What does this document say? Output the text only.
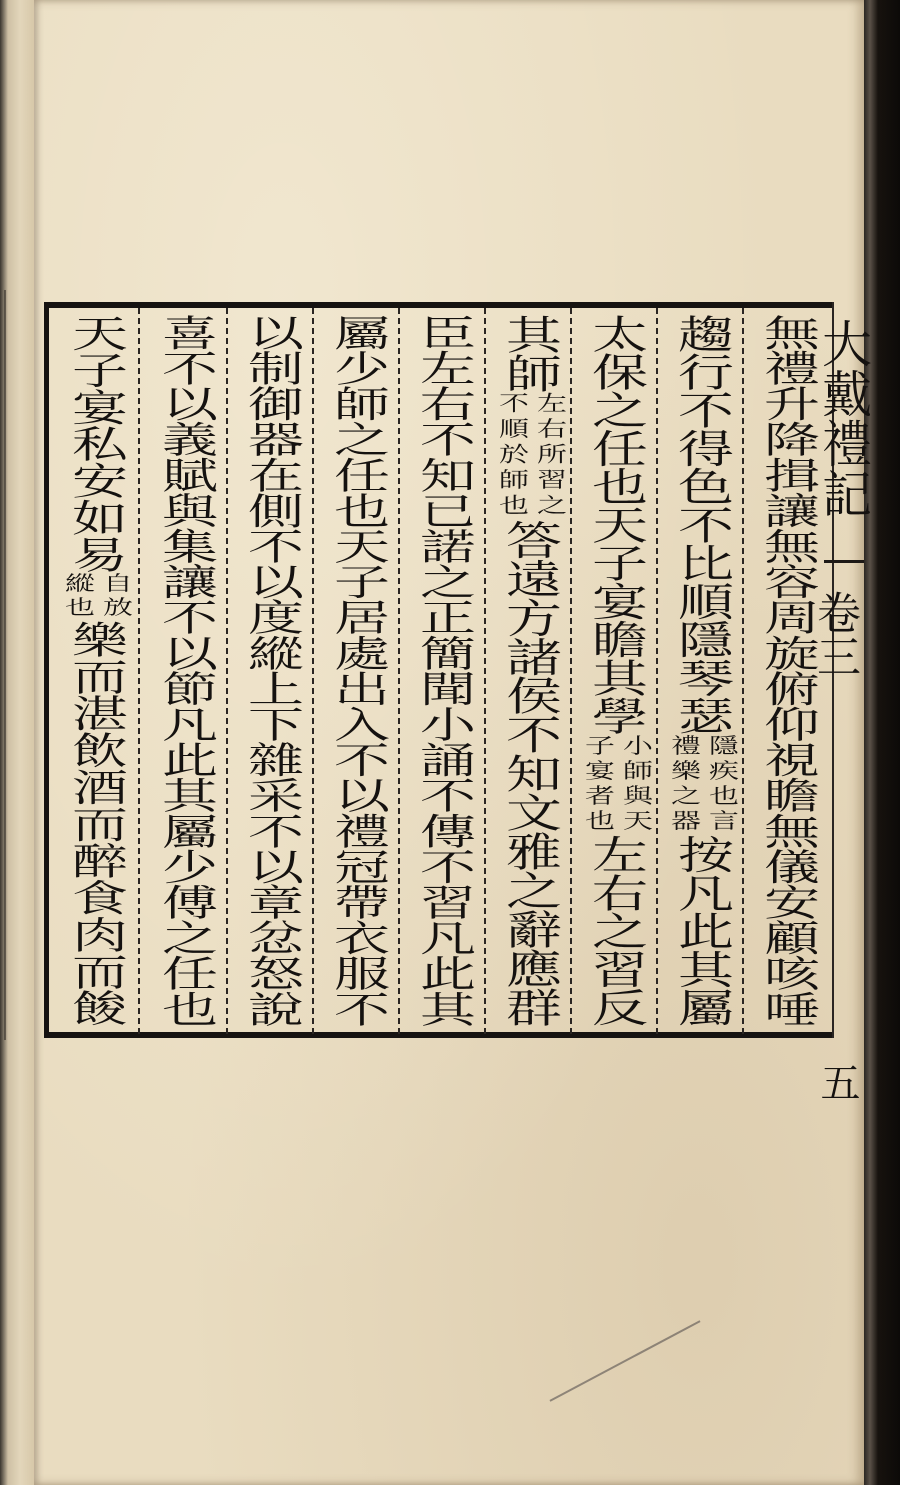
大戴禮記
卷三
五
無禮升降揖讓無容周旋俯仰視瞻無儀安顧咳唾
趨行不得色不比順隱琴瑟
隱疾也言
禮樂之器
按凡此其屬
太保之任也天子宴瞻其學
小師與天
子宴者也
左右之習反
其師
左右所習之
不順於師也
答遠方諸侯不知文雅之辭應群
臣左右不知已諾之正簡聞小誦不傳不習凡此其
屬少師之任也天子居處出入不以禮冠帶衣服不
以制御器在側不以度縱上下雜采不以章忿怒說
喜不以義賦與集讓不以節凡此其屬少傅之任也
天子宴私安如易
自放
縱也
樂而湛飲酒而醉食肉而餕
